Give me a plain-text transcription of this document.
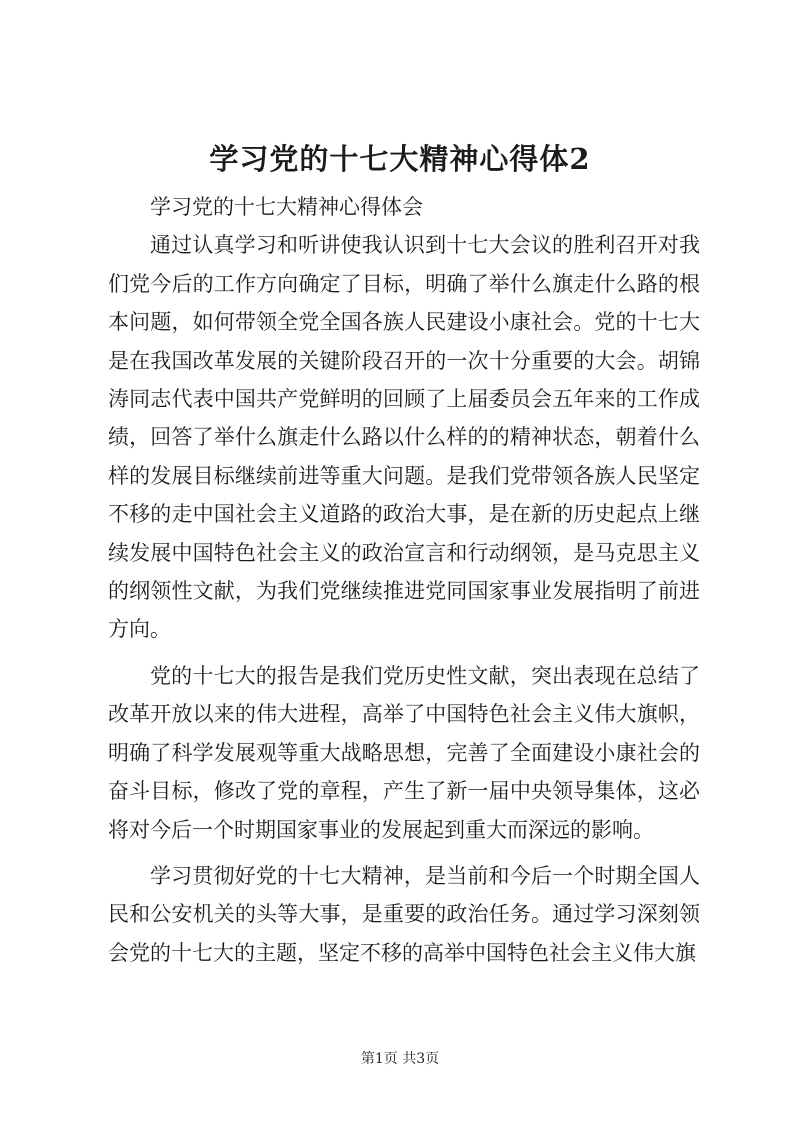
学习党的十七大精神心得体2

学习党的十七大精神心得体会

通过认真学习和听讲使我认识到十七大会议的胜利召开对我们党今后的工作方向确定了目标，明确了举什么旗走什么路的根本问题，如何带领全党全国各族人民建设小康社会。党的十七大是在我国改革发展的关键阶段召开的一次十分重要的大会。胡锦涛同志代表中国共产党鲜明的回顾了上届委员会五年来的工作成绩，回答了举什么旗走什么路以什么样的的精神状态，朝着什么样的发展目标继续前进等重大问题。是我们党带领各族人民坚定不移的走中国社会主义道路的政治大事，是在新的历史起点上继续发展中国特色社会主义的政治宣言和行动纲领，是马克思主义的纲领性文献，为我们党继续推进党同国家事业发展指明了前进方向。

党的十七大的报告是我们党历史性文献，突出表现在总结了改革开放以来的伟大进程，高举了中国特色社会主义伟大旗帜，明确了科学发展观等重大战略思想，完善了全面建设小康社会的奋斗目标，修改了党的章程，产生了新一届中央领导集体，这必将对今后一个时期国家事业的发展起到重大而深远的影响。

学习贯彻好党的十七大精神，是当前和今后一个时期全国人民和公安机关的头等大事，是重要的政治任务。通过学习深刻领会党的十七大的主题，坚定不移的高举中国特色社会主义伟大旗

第1页 共3页
